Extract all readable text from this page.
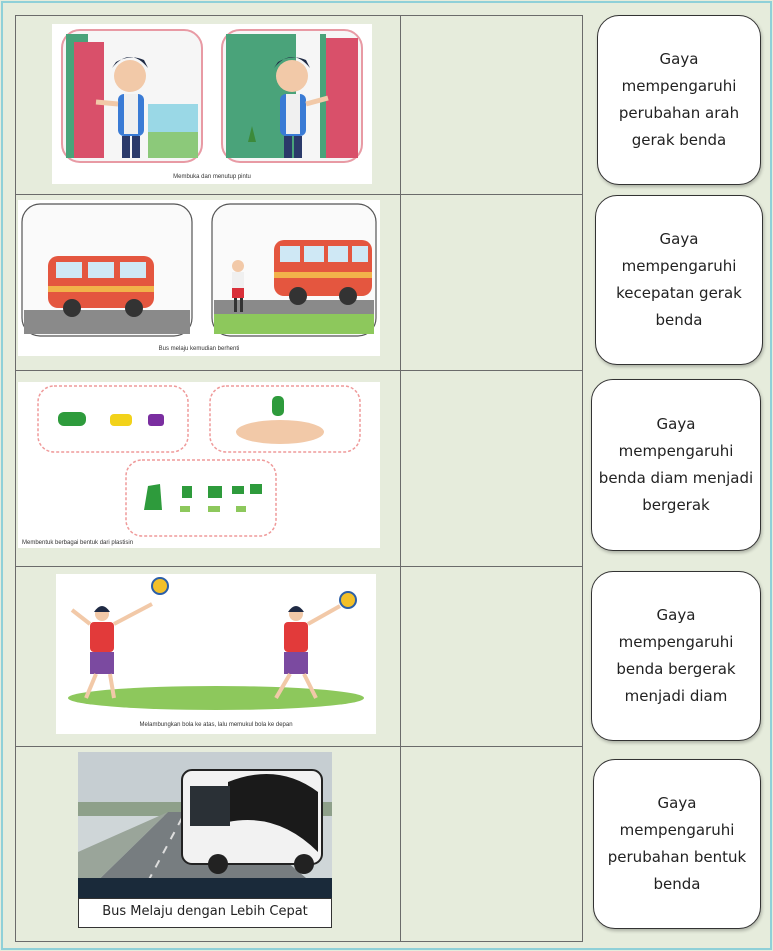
Membuka dan menutup pintu
Bus melaju kemudian berhenti
Membentuk berbagai bentuk dari plastisin
Melambungkan bola ke atas, lalu memukul bola ke depan
Bus Melaju dengan Lebih Cepat
Gaya mempengaruhi perubahan arah gerak benda
Gaya mempengaruhi kecepatan gerak benda
Gaya mempengaruhi benda diam menjadi bergerak
Gaya mempengaruhi benda bergerak menjadi diam
Gaya mempengaruhi perubahan bentuk benda
